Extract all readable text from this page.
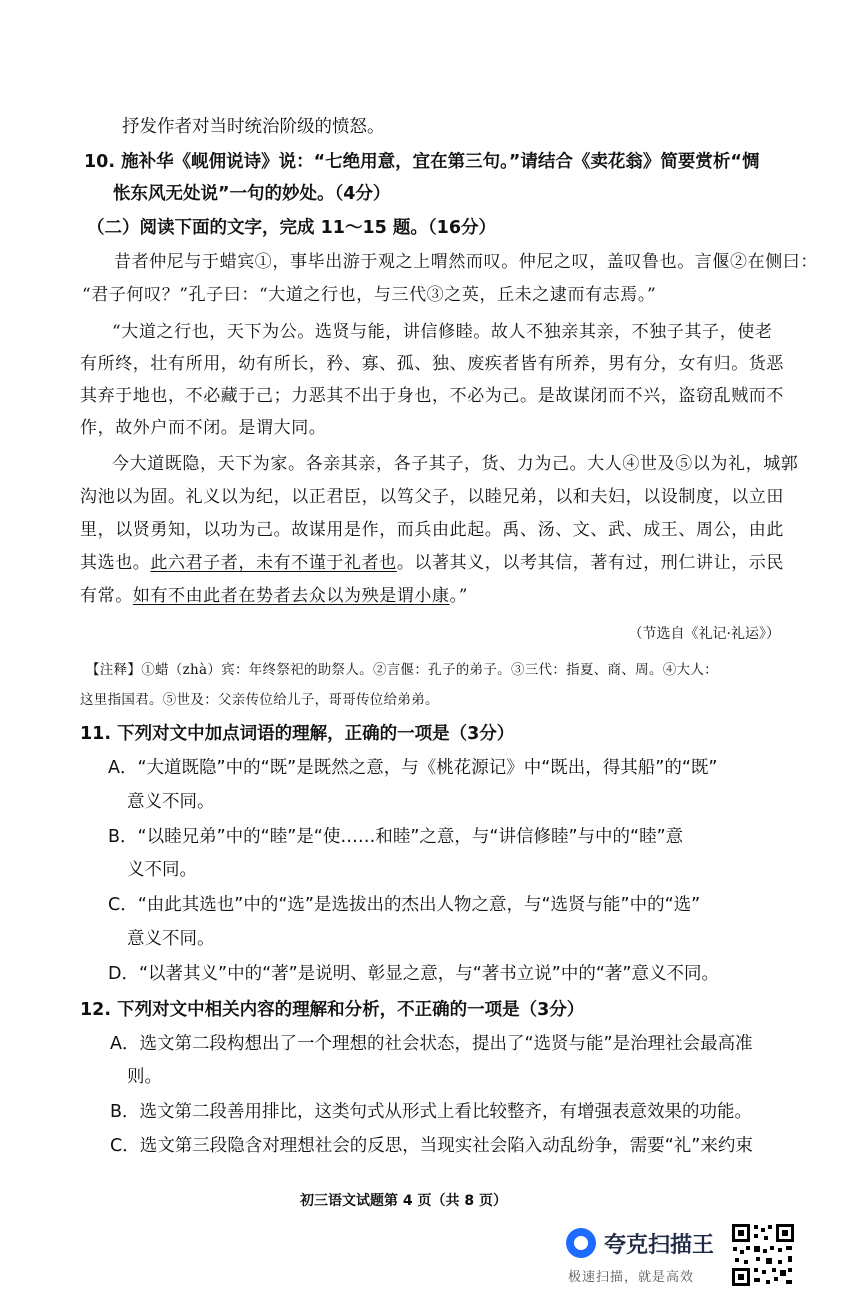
抒发作者对当时统治阶级的愤怒。
10. 施补华《岘佣说诗》说：“七绝用意，宜在第三句。”请结合《卖花翁》简要赏析“惆
怅东风无处说”一句的妙处。（4分）
（二）阅读下面的文字，完成 11～15 题。（16分）
昔者仲尼与于蜡宾①，事毕出游于观之上喟然而叹。仲尼之叹，盖叹鲁也。言偃②在侧曰：
“君子何叹？”孔子曰：“大道之行也，与三代③之英，丘未之逮而有志焉。”
“大道之行也，天下为公。选贤与能，讲信修睦。故人不独亲其亲，不独子其子，使老
有所终，壮有所用，幼有所长，矜、寡、孤、独、废疾者皆有所养，男有分，女有归。货恶
其弃于地也，不必藏于己；力恶其不出于身也，不必为己。是故谋闭而不兴，盗窃乱贼而不
作，故外户而不闭。是谓大同。
今大道既隐，天下为家。各亲其亲，各子其子，货、力为己。大人④世及⑤以为礼，城郭
沟池以为固。礼义以为纪，以正君臣，以笃父子，以睦兄弟，以和夫妇，以设制度，以立田
里，以贤勇知，以功为己。故谋用是作，而兵由此起。禹、汤、文、武、成王、周公，由此
其选也。此六君子者，未有不谨于礼者也。以著其义，以考其信，著有过，刑仁讲让，示民
有常。如有不由此者在势者去众以为殃是谓小康。”
（节选自《礼记·礼运》）
【注释】①蜡（zhà）宾：年终祭祀的助祭人。②言偃：孔子的弟子。③三代：指夏、商、周。④大人：
这里指国君。⑤世及：父亲传位给儿子，哥哥传位给弟弟。
11. 下列对文中加点词语的理解，正确的一项是（3分）
A．“大道既隐”中的“既”是既然之意，与《桃花源记》中“既出，得其船”的“既”
意义不同。
B．“以睦兄弟”中的“睦”是“使……和睦”之意，与“讲信修睦”与中的“睦”意
义不同。
C．“由此其选也”中的“选”是选拔出的杰出人物之意，与“选贤与能”中的“选”
意义不同。
D．“以著其义”中的“著”是说明、彰显之意，与“著书立说”中的“著”意义不同。
12. 下列对文中相关内容的理解和分析，不正确的一项是（3分）
A．选文第二段构想出了一个理想的社会状态，提出了“选贤与能”是治理社会最高准
则。
B．选文第二段善用排比，这类句式从形式上看比较整齐，有增强表意效果的功能。
C．选文第三段隐含对理想社会的反思，当现实社会陷入动乱纷争，需要“礼”来约束
初三语文试题第 4 页（共 8 页）
夸克扫描王
极速扫描，就是高效
